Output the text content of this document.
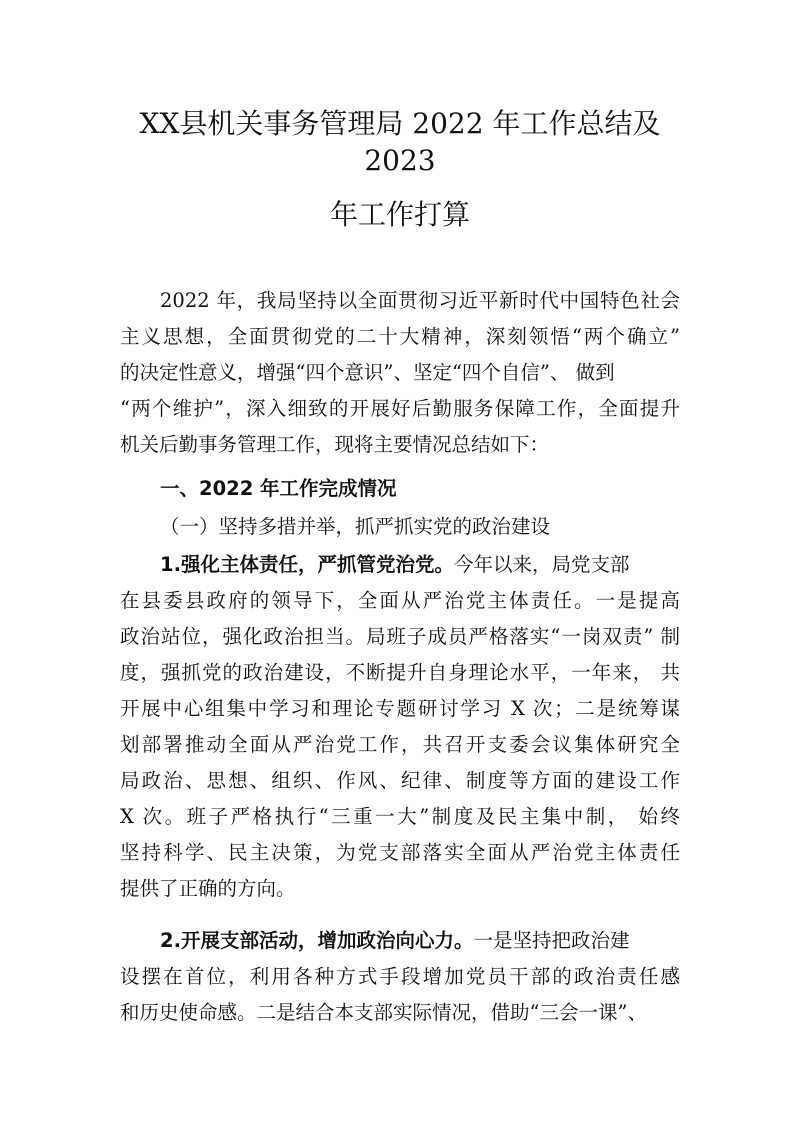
XX县机关事务管理局 2022 年工作总结及
2023
年工作打算
2022 年，我局坚持以全面贯彻习近平新时代中国特色社会
主义思想，全面贯彻党的二十大精神，深刻领悟“两个确立”
的决定性意义，增强“四个意识”、坚定“四个自信”、 做到
“两个维护”，深入细致的开展好后勤服务保障工作，全面提升
机关后勤事务管理工作，现将主要情况总结如下：
一、2022 年工作完成情况
（一）坚持多措并举，抓严抓实党的政治建设
1.强化主体责任，严抓管党治党。今年以来，局党支部
在县委县政府的领导下，全面从严治党主体责任。一是提高
政治站位，强化政治担当。局班子成员严格落实“一岗双责” 制
度，强抓党的政治建设，不断提升自身理论水平，一年来， 共
开展中心组集中学习和理论专题研讨学习 X 次；二是统筹谋
划部署推动全面从严治党工作，共召开支委会议集体研究全
局政治、思想、组织、作风、纪律、制度等方面的建设工作
X 次。班子严格执行“三重一大”制度及民主集中制， 始终
坚持科学、民主决策，为党支部落实全面从严治党主体责任
提供了正确的方向。
2.开展支部活动，增加政治向心力。一是坚持把政治建
设摆在首位，利用各种方式手段增加党员干部的政治责任感
和历史使命感。二是结合本支部实际情况，借助“三会一课”、
